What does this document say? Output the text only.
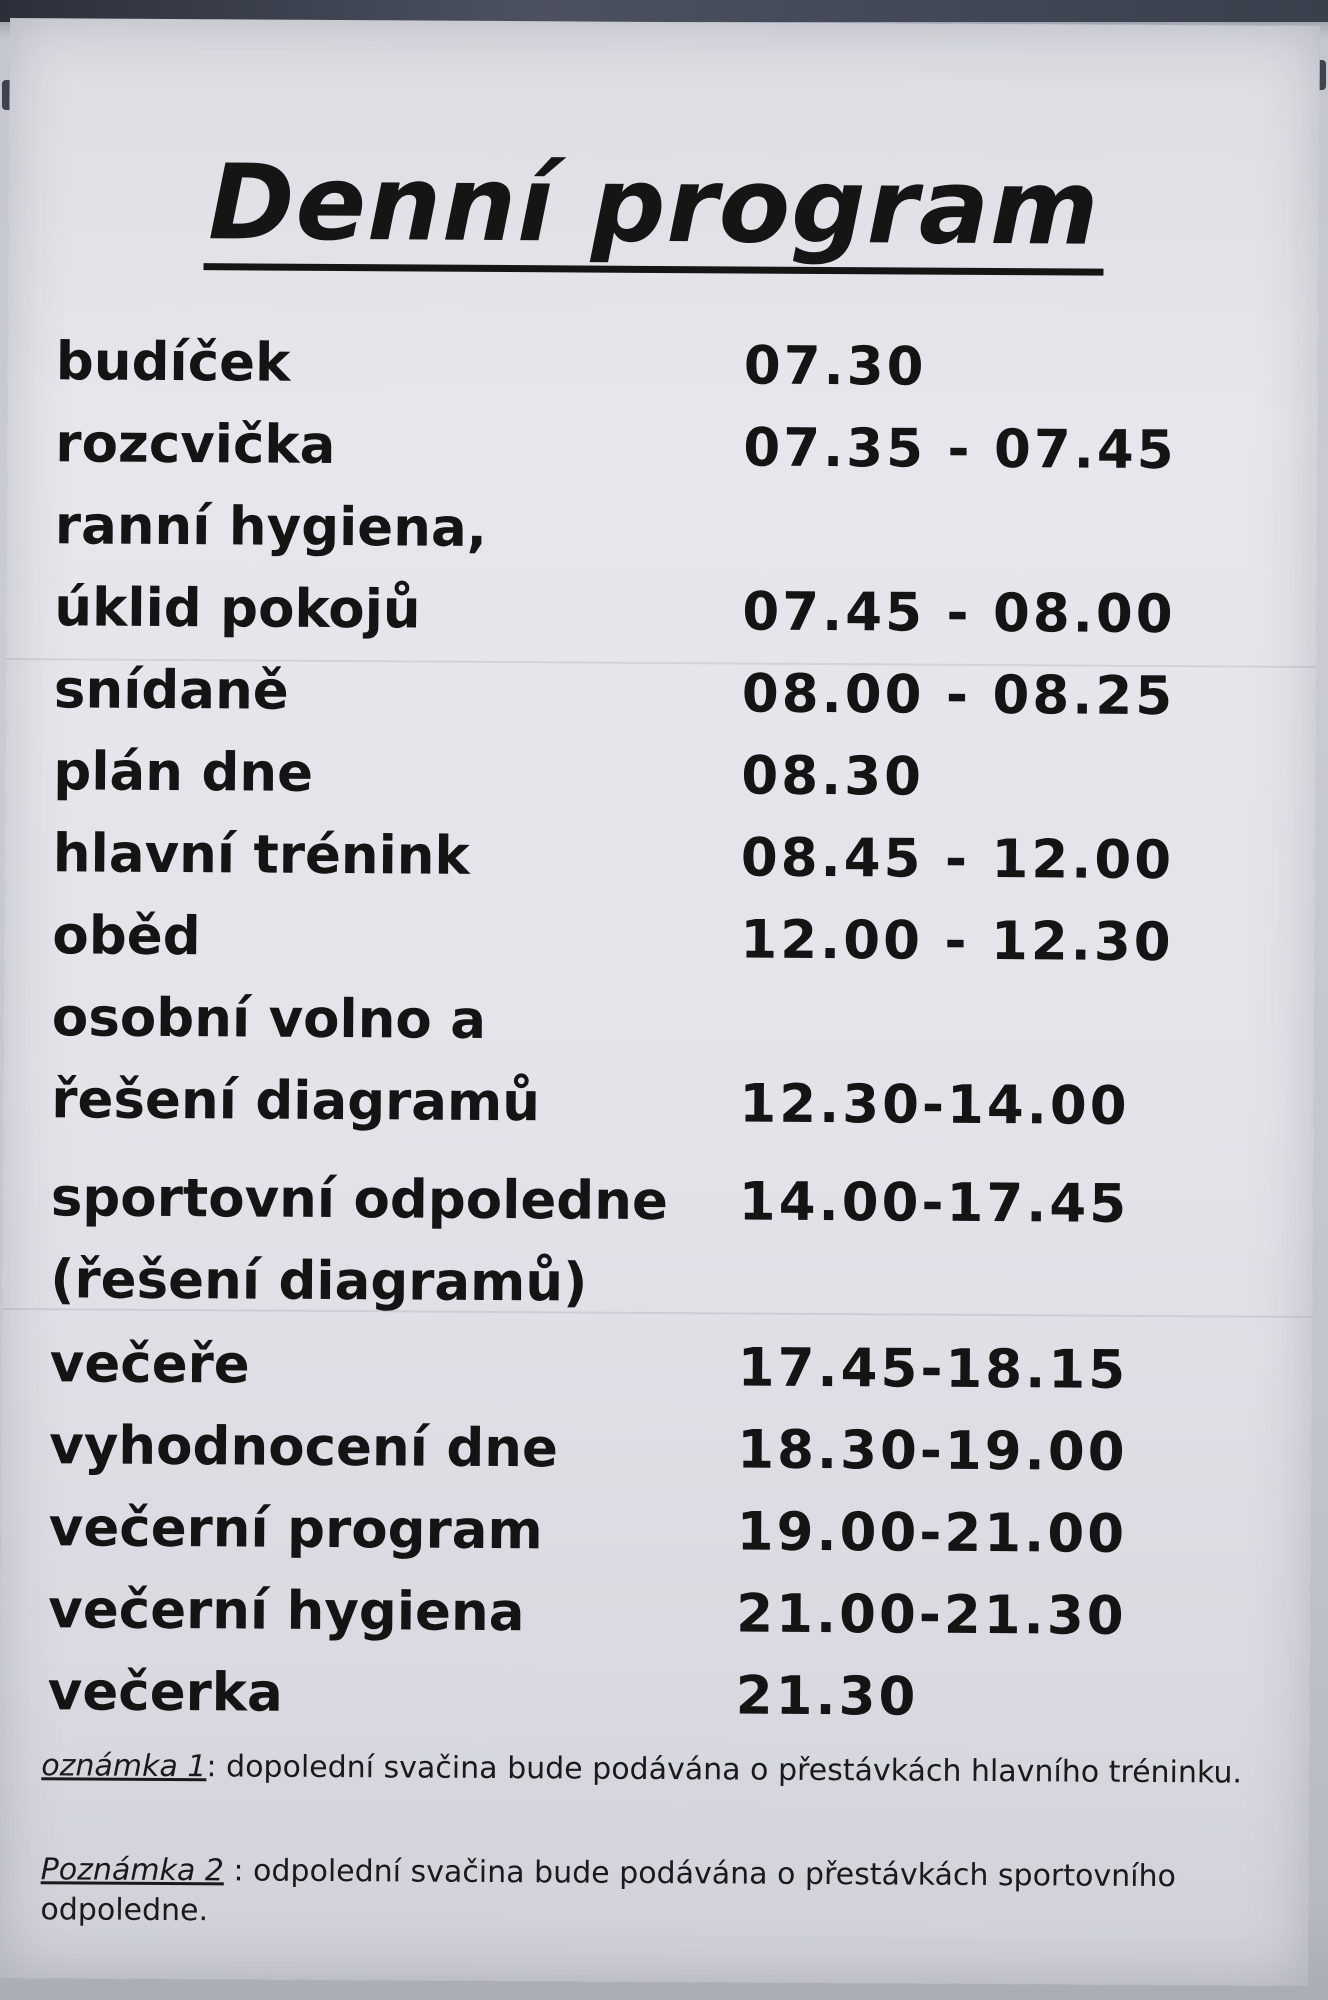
Denní program
budíček	07.30
rozcvička	07.35 - 07.45
ranní hygiena,
úklid pokojů	07.45 - 08.00
snídaně	08.00 - 08.25
plán dne	08.30
hlavní trénink	08.45 - 12.00
oběd	12.00 - 12.30
osobní volno a
řešení diagramů	12.30-14.00
sportovní odpoledne 14.00-17.45
(řešení diagramů)
večeře	17.45-18.15
vyhodnocení dne	18.30-19.00
večerní program	19.00-21.00
večerní hygiena	21.00-21.30
večerka	21.30
oznámka 1: dopolední svačina bude podávána o přestávkách hlavního tréninku.
Poznámka 2 : odpolední svačina bude podávána o přestávkách sportovního odpoledne.
